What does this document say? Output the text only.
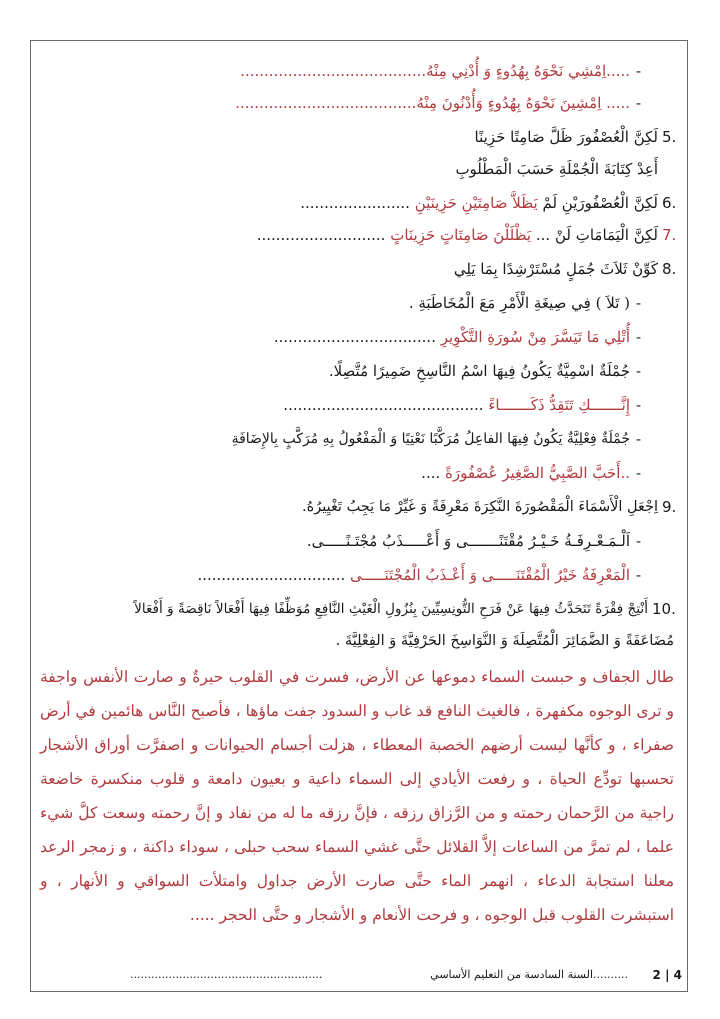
-
.....اِمْشِي نَحْوَهُ بِهُدُوءٍ وَ أُدْنِي مِنْهُ.......................................
-
..... اِمْشِينَ نَحْوَهُ بِهُدُوءٍ وَأُدْنُونَ مِنْهُ......................................
5.
لَكِنَّ الْعُصْفُورَ ظَلَّ صَامِتًا حَزِينًا
أَعِدْ كِتَابَةَ الْجُمْلَةِ حَسَبَ الْمَطْلُوبِ
6.
لَكِنَّ الْعُصْفُورَيْنِ لَمْ يَظَلاَّ صَامِتَيْنِ حَزِينَيْنِ .......................
7.
لَكِنَّ الْيَمَامَاتِ لَنْ ... يَظْلَلْنَ صَامِتَاتٍ حَزِينَاتٍ ...........................
8.
كَوِّنْ ثَلاَثَ جُمَلٍ مُسْتَرْشِدًا بِمَا يَلِي
-
( تَلاَ ) فِي صِيغَةِ الْأَمْرِ مَعَ الْمُخَاطَبَةِ .
-
أُتْلِي مَا تَيَسَّرَ مِنْ سُورَةِ التَّكْوِيرِ ..................................
-
جُمْلَةٌ اسْمِيَّةٌ يَكُونُ فِيهَا اسْمُ النَّاسِخِ ضَمِيرًا مُتَّصِلًا.
-
إِنَّـــــــكِ تَتَقِدُّ ذَكَـــــــاءً ..........................................
-
جُمْلَةٌ فِعْلِيَّةٌ يَكُونُ فِيهَا الفاعِلُ مُرَكَّبًا نَعْتِيًا وَ الْمَفْعُولُ بِهِ مُرَكَّبٍ بِالإِضَافَةِ
-
..أَحَبَّ الصَّبِيُّ الصَّغِيرُ عُصْفُورَةً ....
9.
اِجْعَلِ الْأَسْمَاءَ الْمَقْصُورَةَ النَّكِرَةَ مَعْرِفَةً وَ غَيِّرْ مَا يَجِبُ تَغْيِيرُهُ.
-
اَلْـمَـعْـرِفَـةُ خَـيْـرُ مُقْتَنًـــــــى وَ أَعْـــــذَبُ مُجْتَـنًـــــى.
-
الْمَعْرِفَةُ خَيْرُ الْمُقْتَنَـــــى وَ أَعْـذَبُ الْمُجْتَنَـــــى ...............................
10.
أَنْتِجْ فِقْرَةً تَتَحَدَّثُ فِيهَا عَنْ فَرَحِ التُّونِسِيِّينَ بِنُزُولِ الْغَيْثِ النَّافِعِ مُوَظِّفًا فِيهَا أَفْعَالاً نَاقِصَةً وَ أَفْعَالاً
مُضَاعَفَةً وَ الضَّمَائِرَ الْمُتَّصِلَةَ وَ النَّوَاسِخَ الحَرْفِيَّةَ وَ الفِعْلِيَّةَ .
طال الجفاف و حبست السماء دموعها عن الأرض، فسرت في القلوب حيرةٌ و صارت الأنفس واجفة و ترى الوجوه مكفهرة ، فالغيث النافع قد غاب و السدود جفت ماؤها ، فأصبح النَّاس هائمين في أرض صفراء ، و كأنَّها ليست أرضهم الخصبة المعطاء ، هزلت أجسام الحيوانات و اصفرَّت أوراق الأشجار تحسبها تودِّع الحياة ، و رفعت الأيادي إلى السماء داعية و بعيون دامعة و قلوب منكسرة خاضعة راجية من الرَّحمان رحمته و من الرَّزاق رزقه ، فإنَّ رزقه ما له من نفاد و إنَّ رحمته وسعت كلَّ شيء علما ، لم تمرَّ من الساعات إلاَّ القلائل حتَّى غشي السماء سحب حبلى ، سوداء داكنة ، و زمجر الرعد معلنا استجابة الدعاء ، انهمر الماء حتَّى صارت الأرض جداول وامتلأت السواقي و الأنهار ، و استبشرت القلوب قبل الوجوه ، و فرحت الأنعام و الأشجار و حتَّى الحجر .....
4 | 2
..........السنة السادسة من التعليم الأساسي
.......................................................
